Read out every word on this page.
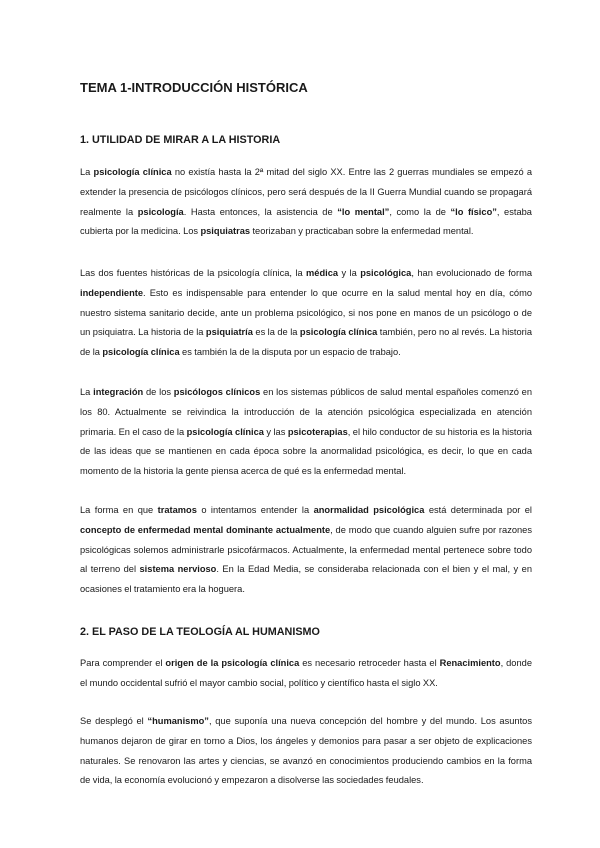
TEMA 1-INTRODUCCIÓN HISTÓRICA
1. UTILIDAD DE MIRAR A LA HISTORIA
La psicología clínica no existía hasta la 2ª mitad del siglo XX. Entre las 2 guerras mundiales se empezó a extender la presencia de psicólogos clínicos, pero será después de la II Guerra Mundial cuando se propagará realmente la psicología. Hasta entonces, la asistencia de “lo mental”, como la de “lo físico”, estaba cubierta por la medicina. Los psiquiatras teorizaban y practicaban sobre la enfermedad mental.
Las dos fuentes históricas de la psicología clínica, la médica y la psicológica, han evolucionado de forma independiente. Esto es indispensable para entender lo que ocurre en la salud mental hoy en día, cómo nuestro sistema sanitario decide, ante un problema psicológico, si nos pone en manos de un psicólogo o de un psiquiatra. La historia de la psiquiatría es la de la psicología clínica también, pero no al revés. La historia de la psicología clínica es también la de la disputa por un espacio de trabajo.
La integración de los psicólogos clínicos en los sistemas públicos de salud mental españoles comenzó en los 80. Actualmente se reivindica la introducción de la atención psicológica especializada en atención primaria. En el caso de la psicología clínica y las psicoterapias, el hilo conductor de su historia es la historia de las ideas que se mantienen en cada época sobre la anormalidad psicológica, es decir, lo que en cada momento de la historia la gente piensa acerca de qué es la enfermedad mental.
La forma en que tratamos o intentamos entender la anormalidad psicológica está determinada por el concepto de enfermedad mental dominante actualmente, de modo que cuando alguien sufre por razones psicológicas solemos administrarle psicofármacos. Actualmente, la enfermedad mental pertenece sobre todo al terreno del sistema nervioso. En la Edad Media, se consideraba relacionada con el bien y el mal, y en ocasiones el tratamiento era la hoguera.
2. EL PASO DE LA TEOLOGÍA AL HUMANISMO
Para comprender el origen de la psicología clínica es necesario retroceder hasta el Renacimiento, donde el mundo occidental sufrió el mayor cambio social, político y científico hasta el siglo XX.
Se desplegó el “humanismo”, que suponía una nueva concepción del hombre y del mundo. Los asuntos humanos dejaron de girar en torno a Dios, los ángeles y demonios para pasar a ser objeto de explicaciones naturales. Se renovaron las artes y ciencias, se avanzó en conocimientos produciendo cambios en la forma de vida, la economía evolucionó y empezaron a disolverse las sociedades feudales.
